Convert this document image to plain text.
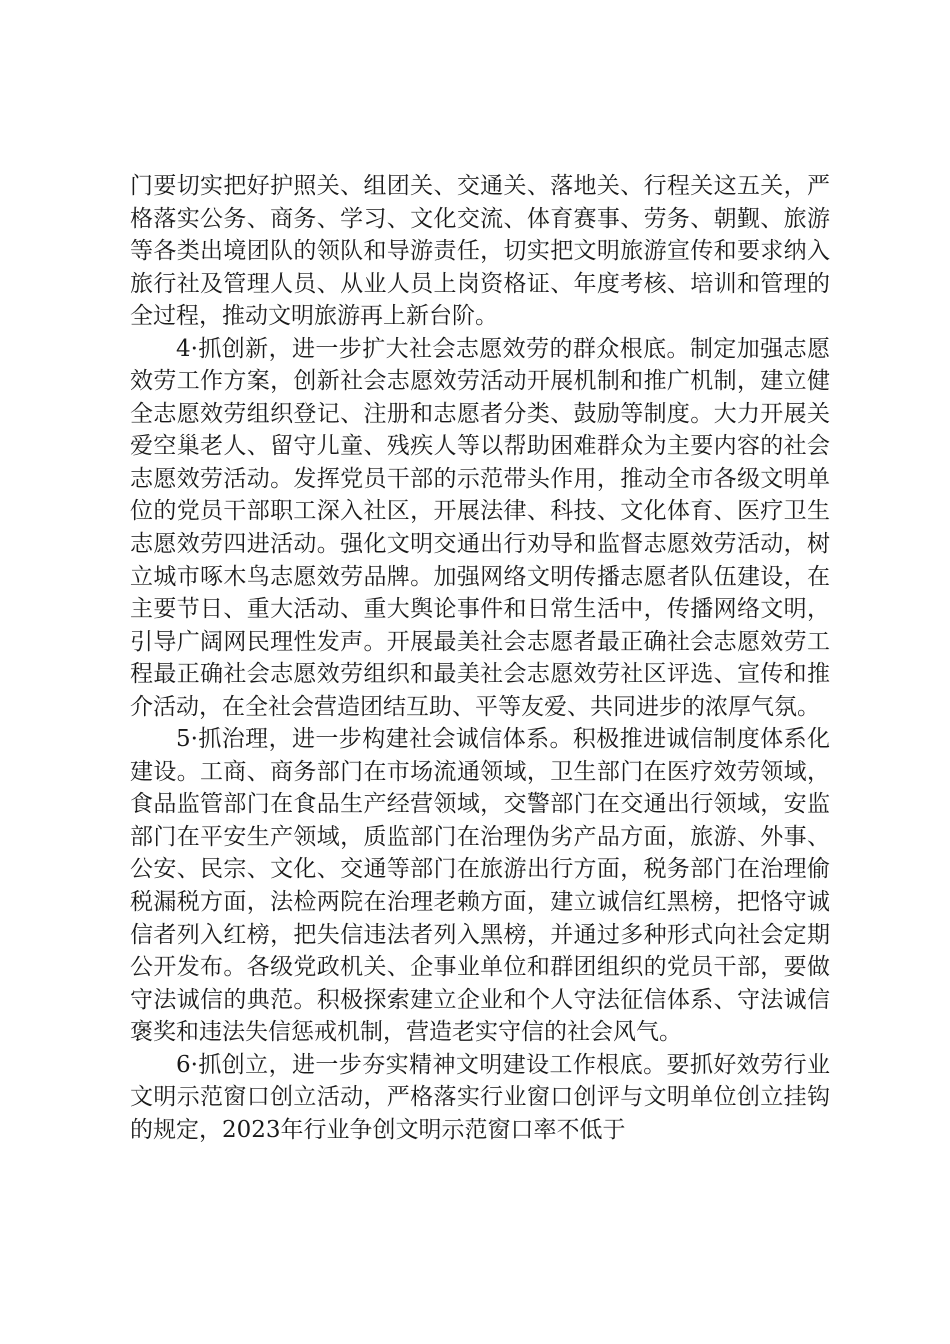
门要切实把好护照关、组团关、交通关、落地关、行程关这五关，严格落实公务、商务、学习、文化交流、体育赛事、劳务、朝觐、旅游等各类出境团队的领队和导游责任，切实把文明旅游宣传和要求纳入旅行社及管理人员、从业人员上岗资格证、年度考核、培训和管理的全过程，推动文明旅游再上新台阶。

4·抓创新，进一步扩大社会志愿效劳的群众根底。制定加强志愿效劳工作方案，创新社会志愿效劳活动开展机制和推广机制，建立健全志愿效劳组织登记、注册和志愿者分类、鼓励等制度。大力开展关爱空巢老人、留守儿童、残疾人等以帮助困难群众为主要内容的社会志愿效劳活动。发挥党员干部的示范带头作用，推动全市各级文明单位的党员干部职工深入社区，开展法律、科技、文化体育、医疗卫生志愿效劳四进活动。强化文明交通出行劝导和监督志愿效劳活动，树立城市啄木鸟志愿效劳品牌。加强网络文明传播志愿者队伍建设，在主要节日、重大活动、重大舆论事件和日常生活中，传播网络文明，引导广阔网民理性发声。开展最美社会志愿者最正确社会志愿效劳工程最正确社会志愿效劳组织和最美社会志愿效劳社区评选、宣传和推介活动，在全社会营造团结互助、平等友爱、共同进步的浓厚气氛。

5·抓治理，进一步构建社会诚信体系。积极推进诚信制度体系化建设。工商、商务部门在市场流通领域，卫生部门在医疗效劳领域，食品监管部门在食品生产经营领域，交警部门在交通出行领域，安监部门在平安生产领域，质监部门在治理伪劣产品方面，旅游、外事、公安、民宗、文化、交通等部门在旅游出行方面，税务部门在治理偷税漏税方面，法检两院在治理老赖方面，建立诚信红黑榜，把恪守诚信者列入红榜，把失信违法者列入黑榜，并通过多种形式向社会定期公开发布。各级党政机关、企事业单位和群团组织的党员干部，要做守法诚信的典范。积极探索建立企业和个人守法征信体系、守法诚信褒奖和违法失信惩戒机制，营造老实守信的社会风气。

6·抓创立，进一步夯实精神文明建设工作根底。要抓好效劳行业文明示范窗口创立活动，严格落实行业窗口创评与文明单位创立挂钩的规定，2023年行业争创文明示范窗口率不低于
